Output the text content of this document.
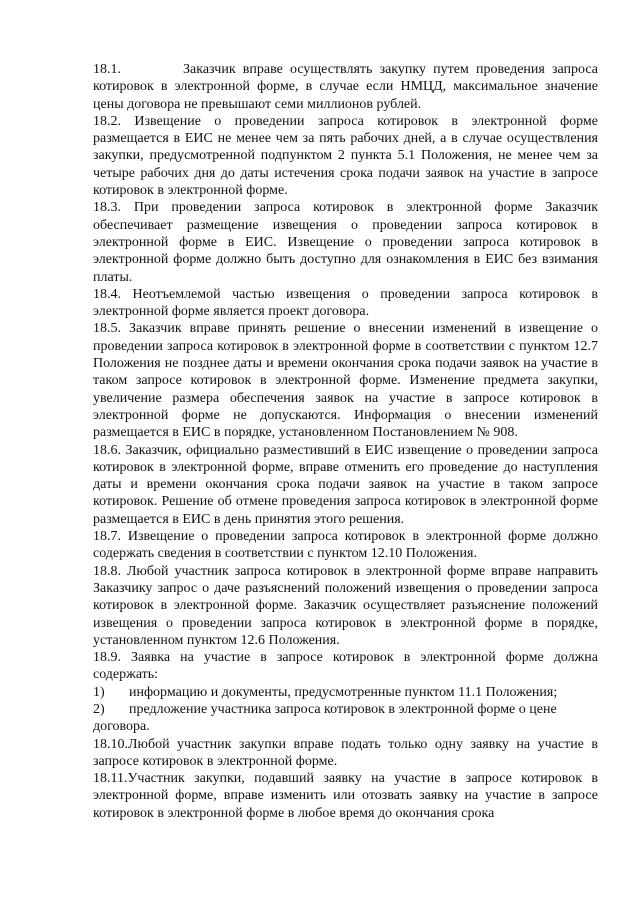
18.1.	Заказчик вправе осуществлять закупку путем проведения запроса котировок в электронной форме, в случае если НМЦД, максимальное значение цены договора не превышают семи миллионов рублей.

18.2. Извещение о проведении запроса котировок в электронной форме размещается в ЕИС не менее чем за пять рабочих дней, а в случае осуществления закупки, предусмотренной подпунктом 2 пункта 5.1 Положения, не менее чем за четыре рабочих дня до даты истечения срока подачи заявок на участие в запросе котировок в электронной форме.

18.3. При проведении запроса котировок в электронной форме Заказчик обеспечивает размещение извещения о проведении запроса котировок в электронной форме в ЕИС. Извещение о проведении запроса котировок в электронной форме должно быть доступно для ознакомления в ЕИС без взимания платы.

18.4. Неотъемлемой частью извещения о проведении запроса котировок в электронной форме является проект договора.

18.5. Заказчик вправе принять решение о внесении изменений в извещение о проведении запроса котировок в электронной форме в соответствии с пунктом 12.7 Положения не позднее даты и времени окончания срока подачи заявок на участие в таком запросе котировок в электронной форме. Изменение предмета закупки, увеличение размера обеспечения заявок на участие в запросе котировок в электронной форме не допускаются. Информация о внесении изменений размещается в ЕИС в порядке, установленном Постановлением № 908.

18.6. Заказчик, официально разместивший в ЕИС извещение о проведении запроса котировок в электронной форме, вправе отменить его проведение до наступления даты и времени окончания срока подачи заявок на участие в таком запросе котировок. Решение об отмене проведения запроса котировок в электронной форме размещается в ЕИС в день принятия этого решения.

18.7. Извещение о проведении запроса котировок в электронной форме должно содержать сведения в соответствии с пунктом 12.10 Положения.

18.8. Любой участник запроса котировок в электронной форме вправе направить Заказчику запрос о даче разъяснений положений извещения о проведении запроса котировок в электронной форме. Заказчик осуществляет разъяснение положений извещения о проведении запроса котировок в электронной форме в порядке, установленном пунктом 12.6 Положения.

18.9. Заявка на участие в запросе котировок в электронной форме должна содержать:

1)	информацию и документы, предусмотренные пунктом 11.1 Положения;
2)	предложение участника запроса котировок в электронной форме о цене
договора.

18.10.Любой участник закупки вправе подать только одну заявку на участие в запросе котировок в электронной форме.

18.11.Участник закупки, подавший заявку на участие в запросе котировок в электронной форме, вправе изменить или отозвать заявку на участие в запросе котировок в электронной форме в любое время до окончания срока
